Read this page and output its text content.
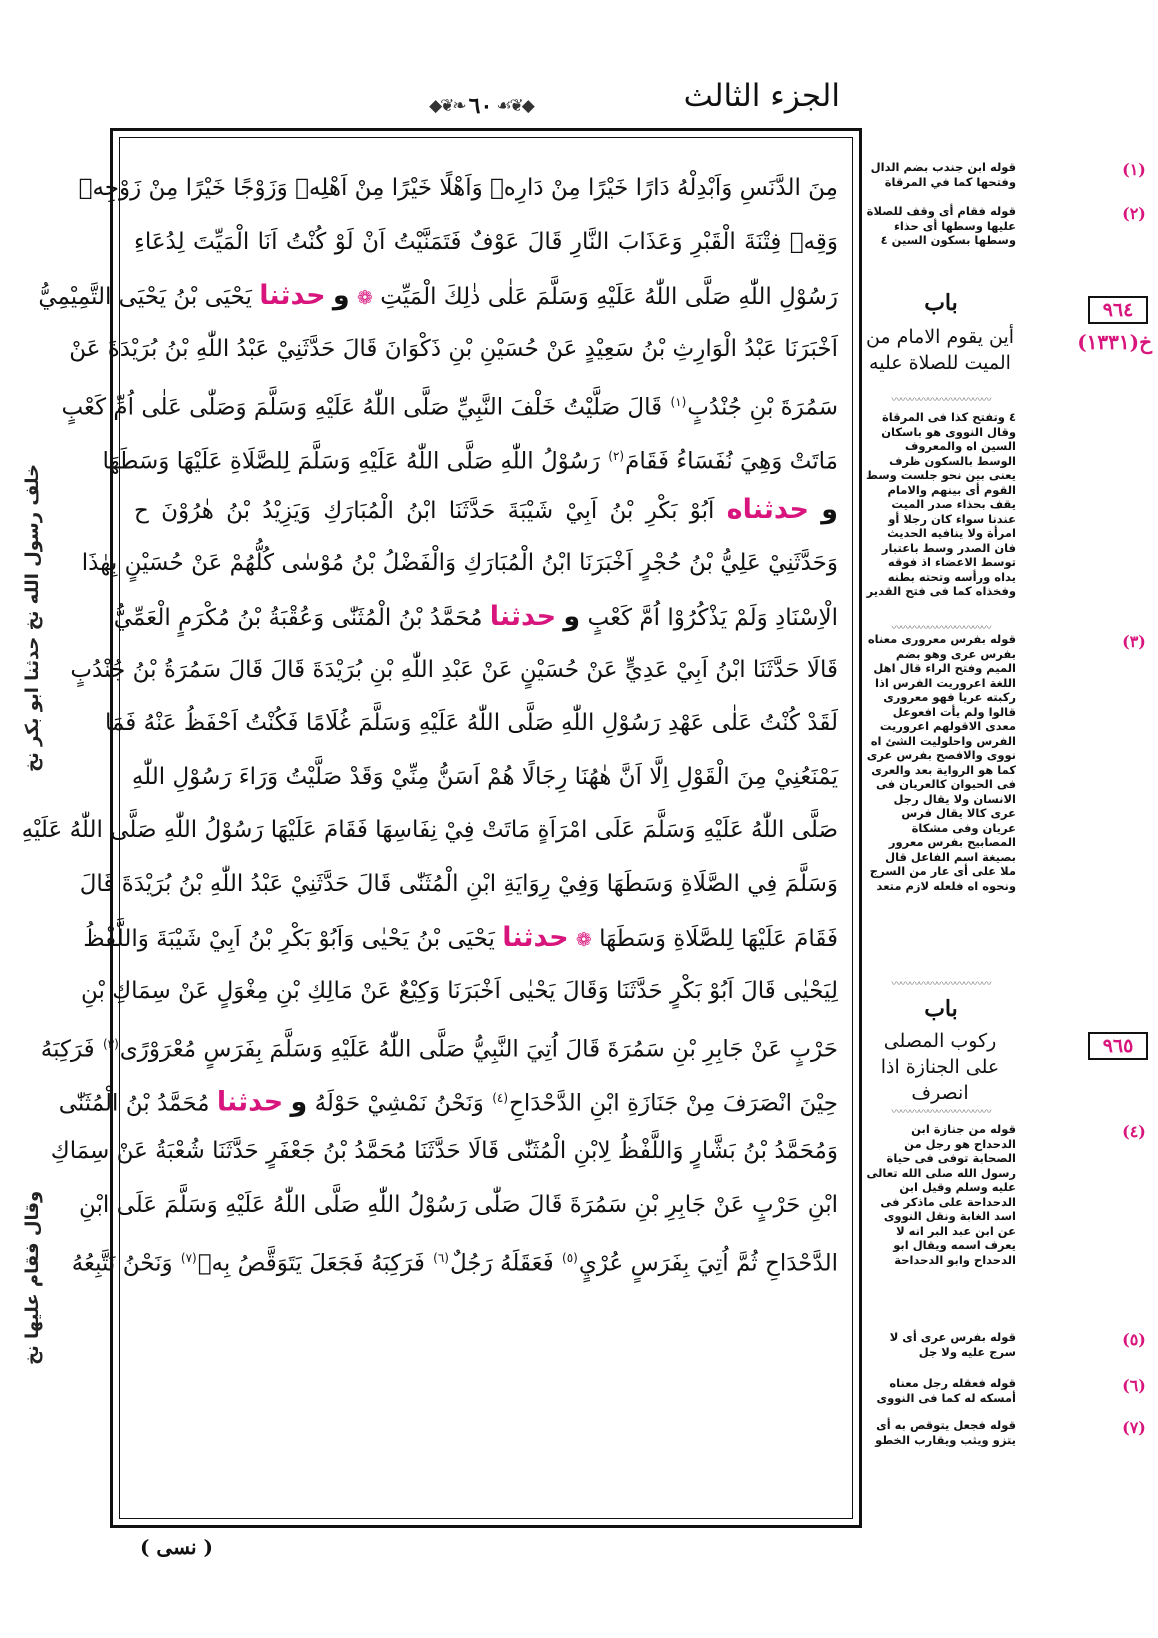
الجزء الثالث
◆❦❧ ٦٠ ☙❦◆
خلف رسول الله نخ حدثنا ابو بكر نخ
وقال فقام عليها نخ
مِنَ الدَّنَسِ وَاَبْدِلْهُ دَارًا خَيْرًا مِنْ دَارِهٖ وَاَهْلًا خَيْرًا مِنْ اَهْلِهٖ وَزَوْجًا خَيْرًا مِنْ زَوْجِهٖ
وَقِهٖ فِتْنَةَ الْقَبْرِ وَعَذَابَ النَّارِ قَالَ عَوْفٌ فَتَمَنَّيْتُ اَنْ لَوْ كُنْتُ اَنَا الْمَيِّتَ لِدُعَاءِ
رَسُوْلِ اللّٰهِ صَلَّى اللّٰهُ عَلَيْهِ وَسَلَّمَ عَلٰى ذٰلِكَ الْمَيِّتِ ❁ و حدثنا يَحْيَى بْنُ يَحْيَى التَّمِيْمِيُّ
اَخْبَرَنَا عَبْدُ الْوَارِثِ بْنُ سَعِيْدٍ عَنْ حُسَيْنِ بْنِ ذَكْوَانَ قَالَ حَدَّثَنِيْ عَبْدُ اللّٰهِ بْنُ بُرَيْدَةَ عَنْ
سَمُرَةَ بْنِ جُنْدُبٍ$^{(١)}$ قَالَ صَلَّيْتُ خَلْفَ النَّبِيِّ صَلَّى اللّٰهُ عَلَيْهِ وَسَلَّمَ وَصَلّٰى عَلٰى اُمِّ كَعْبٍ
مَاتَتْ وَهِيَ نُفَسَاءُ فَقَامَ$^{(٢)}$ رَسُوْلُ اللّٰهِ صَلَّى اللّٰهُ عَلَيْهِ وَسَلَّمَ لِلصَّلَاةِ عَلَيْهَا وَسَطَهَا
و حدثناه اَبُوْ بَكْرِ بْنُ اَبِيْ شَيْبَةَ حَدَّثَنَا ابْنُ الْمُبَارَكِ وَيَزِيْدُ بْنُ هٰرُوْنَ ح
وَحَدَّثَنِيْ عَلِيُّ بْنُ حُجْرٍ اَخْبَرَنَا ابْنُ الْمُبَارَكِ وَالْفَضْلُ بْنُ مُوْسٰى كُلُّهُمْ عَنْ حُسَيْنٍ بِهٰذَا
الْاِسْنَادِ وَلَمْ يَذْكُرُوْا اُمَّ كَعْبٍ و حدثنا مُحَمَّدُ بْنُ الْمُثَنّٰى وَعُقْبَةُ بْنُ مُكْرَمٍ الْعَمِّيُّ
قَالَا حَدَّثَنَا ابْنُ اَبِيْ عَدِيٍّ عَنْ حُسَيْنٍ عَنْ عَبْدِ اللّٰهِ بْنِ بُرَيْدَةَ قَالَ قَالَ سَمُرَةُ بْنُ جُنْدُبٍ
لَقَدْ كُنْتُ عَلٰى عَهْدِ رَسُوْلِ اللّٰهِ صَلَّى اللّٰهُ عَلَيْهِ وَسَلَّمَ غُلَامًا فَكُنْتُ اَحْفَظُ عَنْهُ فَمَا
يَمْنَعُنِيْ مِنَ الْقَوْلِ اِلَّا اَنَّ هٰهُنَا رِجَالًا هُمْ اَسَنُّ مِنِّيْ وَقَدْ صَلَّيْتُ وَرَاءَ رَسُوْلِ اللّٰهِ
صَلَّى اللّٰهُ عَلَيْهِ وَسَلَّمَ عَلَى امْرَاَةٍ مَاتَتْ فِيْ نِفَاسِهَا فَقَامَ عَلَيْهَا رَسُوْلُ اللّٰهِ صَلَّى اللّٰهُ عَلَيْهِ
وَسَلَّمَ فِي الصَّلَاةِ وَسَطَهَا وَفِيْ رِوَايَةِ ابْنِ الْمُثَنّٰى قَالَ حَدَّثَنِيْ عَبْدُ اللّٰهِ بْنُ بُرَيْدَةَ قَالَ
فَقَامَ عَلَيْهَا لِلصَّلَاةِ وَسَطَهَا ❁ حدثنا يَحْيَى بْنُ يَحْيٰى وَاَبُوْ بَكْرِ بْنُ اَبِيْ شَيْبَةَ وَاللَّفْظُ
لِيَحْيٰى قَالَ اَبُوْ بَكْرٍ حَدَّثَنَا وَقَالَ يَحْيٰى اَخْبَرَنَا وَكِيْعٌ عَنْ مَالِكِ بْنِ مِغْوَلٍ عَنْ سِمَاكِ بْنِ
حَرْبٍ عَنْ جَابِرِ بْنِ سَمُرَةَ قَالَ اُتِيَ النَّبِيُّ صَلَّى اللّٰهُ عَلَيْهِ وَسَلَّمَ بِفَرَسٍ مُعْرَوْرًى$^{(٣)}$ فَرَكِبَهُ
حِيْنَ انْصَرَفَ مِنْ جَنَازَةِ ابْنِ الدَّحْدَاحِ$^{(٤)}$ وَنَحْنُ نَمْشِيْ حَوْلَهُ و حدثنا مُحَمَّدُ بْنُ الْمُثَنّٰى
وَمُحَمَّدُ بْنُ بَشَّارٍ وَاللَّفْظُ لِابْنِ الْمُثَنّٰى قَالَا حَدَّثَنَا مُحَمَّدُ بْنُ جَعْفَرٍ حَدَّثَنَا شُعْبَةُ عَنْ سِمَاكِ
ابْنِ حَرْبٍ عَنْ جَابِرِ بْنِ سَمُرَةَ قَالَ صَلّٰى رَسُوْلُ اللّٰهِ صَلَّى اللّٰهُ عَلَيْهِ وَسَلَّمَ عَلَى ابْنِ
الدَّحْدَاحِ ثُمَّ اُتِيَ بِفَرَسٍ عُرْيٍ$^{(٥)}$ فَعَقَلَهُ رَجُلٌ$^{(٦)}$ فَرَكِبَهُ فَجَعَلَ يَتَوَقَّصُ بِهٖ$^{(٧)}$ وَنَحْنُ نَتَّبِعُهُ
( نسى )
قوله ابن جندب بضم الدال وفتحها كما في المرقاة
(١)
قوله فقام أى وقف للصلاة عليها وسطها أى حذاء وسطها بسكون السين ٤
(٢)
باب	٩٦٤
خ(١٣٣١)
أين يقوم الامام من الميت للصلاة عليه
〰〰〰〰〰〰〰〰〰〰〰
٤ وتفتح كذا فى المرقاة وقال النووى هو باسكان السين اه والمعروف الوسط بالسكون ظرف يعنى بين نحو جلست وسط القوم أى بينهم والامام يقف بحذاء صدر الميت عندنا سواء كان رجلا أو امرأة ولا ينافيه الحديث فان الصدر وسط باعتبار توسط الاعضاء اذ فوقه يداه ورأسه وتحته بطنه وفخذاه كما فى فتح القدير
〰〰〰〰〰〰〰〰〰〰〰
قوله بفرس معرورى معناه بفرس عرى وهو بضم الميم وفتح الراء قال اهل اللغة اعروريت الفرس اذا ركبته عريا فهو معرورى قالوا ولم يأت افعوعل معدى الاقولهم اعروريت الفرس واحلوليت الشئ اه نووى والافصح بفرس عرى كما هو الرواية بعد والعرى فى الحيوان كالعريان فى الانسان ولا يقال رجل عرى كالا يقال فرس عريان وفى مشكاة المصابيح بفرس معرور بصيغة اسم الفاعل قال ملا على أى عار من السرج ونحوه اه فلعله لازم متعد
(٣)
〰〰〰〰〰〰〰〰〰〰〰
باب
٩٦٥
ركوب المصلى على الجنازة اذا انصرف
〰〰〰〰〰〰〰〰〰〰〰
قوله من جنازة ابن الدحداح هو رجل من الصحابة توفى فى حياة رسول الله صلى الله تعالى عليه وسلم وقيل ابن الدحداحة على ماذكر فى اسد الغابة ونقل النووى عن ابن عبد البر انه لا يعرف اسمه ويقال ابو الدحداح وابو الدحداحة
(٤)
قوله بفرس عرى أى لا سرج عليه ولا جل
(٥)
قوله فعقله رجل معناه أمسكه له كما فى النووى
(٦)
قوله فجعل يتوقص به أى يتزو ويثب ويقارب الخطو
(٧)
